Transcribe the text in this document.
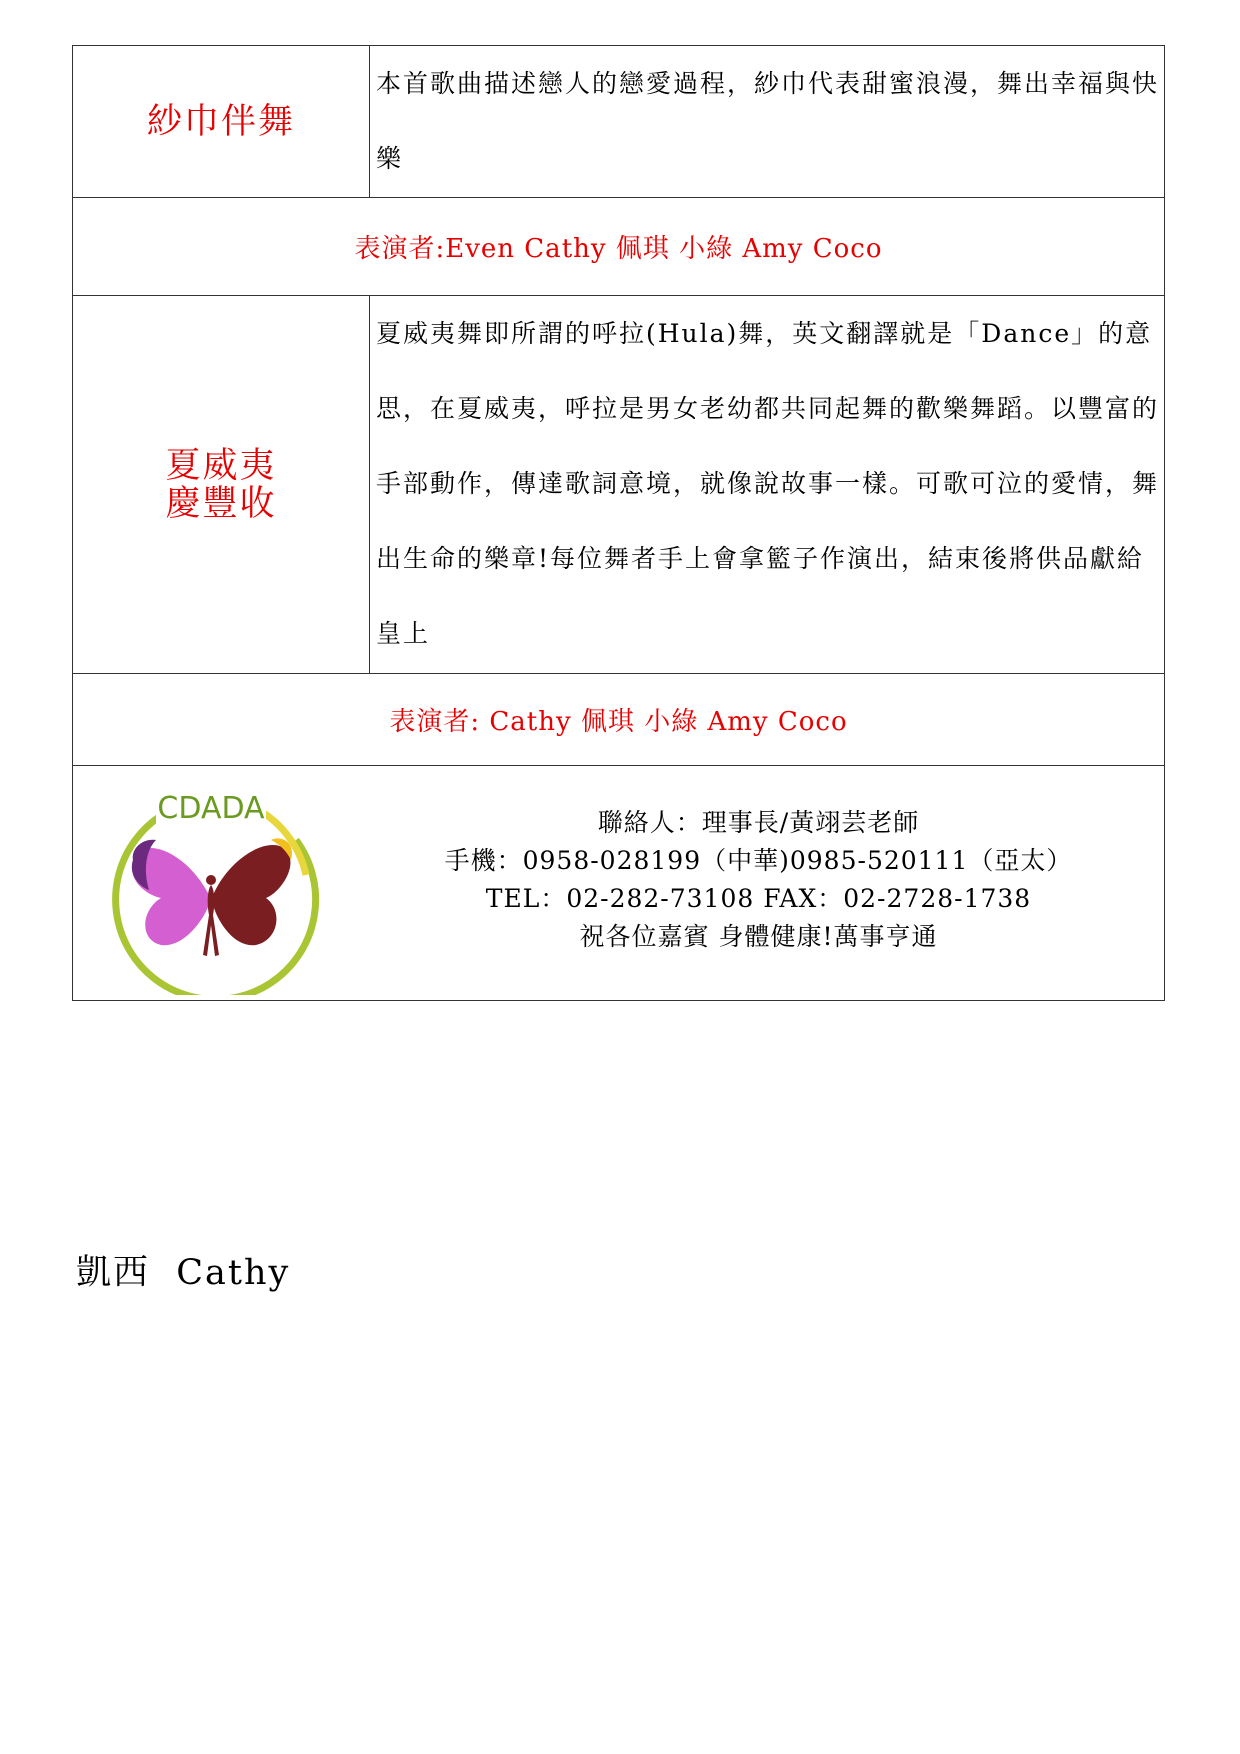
紗巾伴舞	本首歌曲描述戀人的戀愛過程，紗巾代表甜蜜浪漫，舞出幸福與快樂

表演者:Even Cathy 佩琪 小綠 Amy Coco	

夏威夷
慶豐收	夏威夷舞即所謂的呼拉(Hula)舞，英文翻譯就是「Dance」的意思，在夏威夷，呼拉是男女老幼都共同起舞的歡樂舞蹈。以豐富的手部動作，傳達歌詞意境，就像說故事一樣。可歌可泣的愛情，舞出生命的樂章!每位舞者手上會拿籃子作演出，結束後將供品獻給皇上

表演者: Cathy 佩琪 小綠 Amy Coco	

CDADA 聯絡人：理事長/黃翊芸老師
手機：0958-028199（中華)0985-520111（亞太）
TEL：02-282-73108 FAX：02-2728-1738
祝各位嘉賓 身體健康!萬事亨通	
凱西  Cathy
